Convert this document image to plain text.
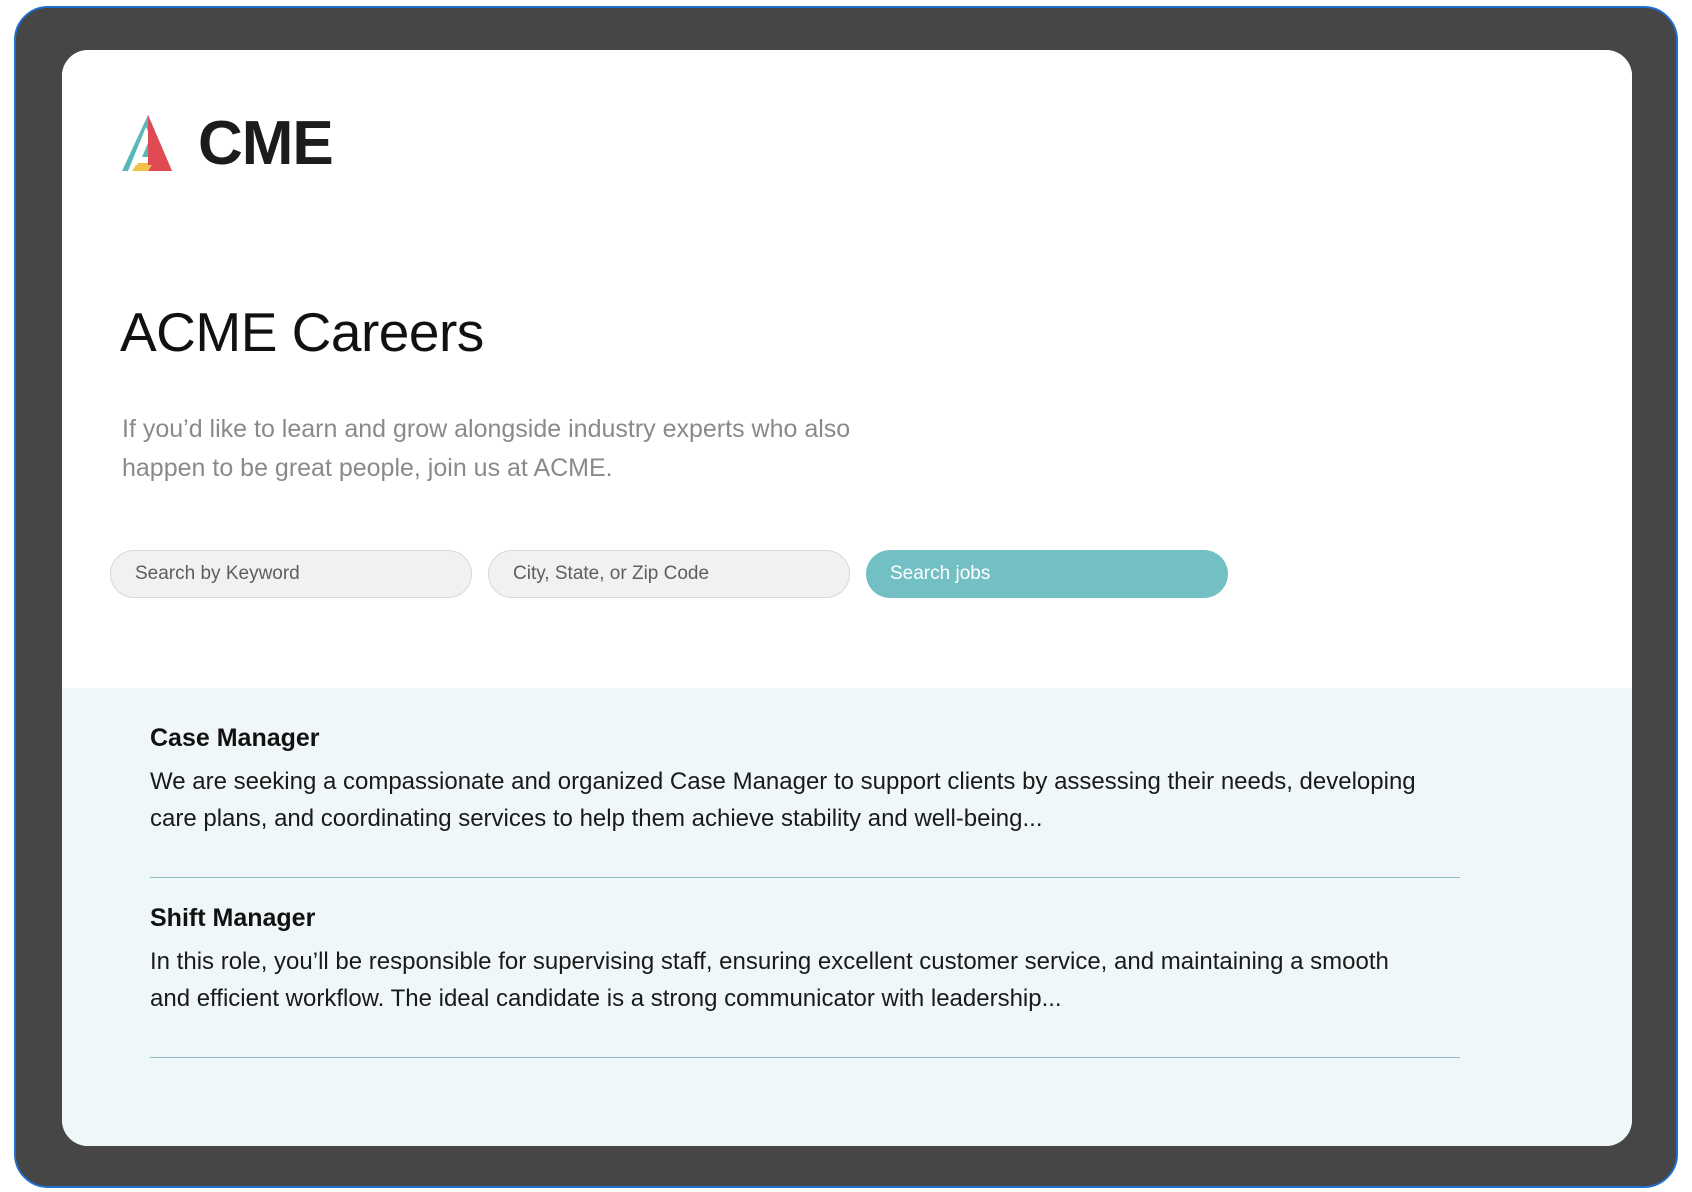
CME
ACME Careers

If you’d like to learn and grow alongside industry experts who also happen to be great people, join us at ACME.

Search by Keyword
City, State, or Zip Code
Search jobs
Case Manager
We are seeking a compassionate and organized Case Manager to support clients by assessing their needs, developing care plans, and coordinating services to help them achieve stability and well-being...
Shift Manager
In this role, you’ll be responsible for supervising staff, ensuring excellent customer service, and maintaining a smooth and efficient workflow. The ideal candidate is a strong communicator with leadership...
